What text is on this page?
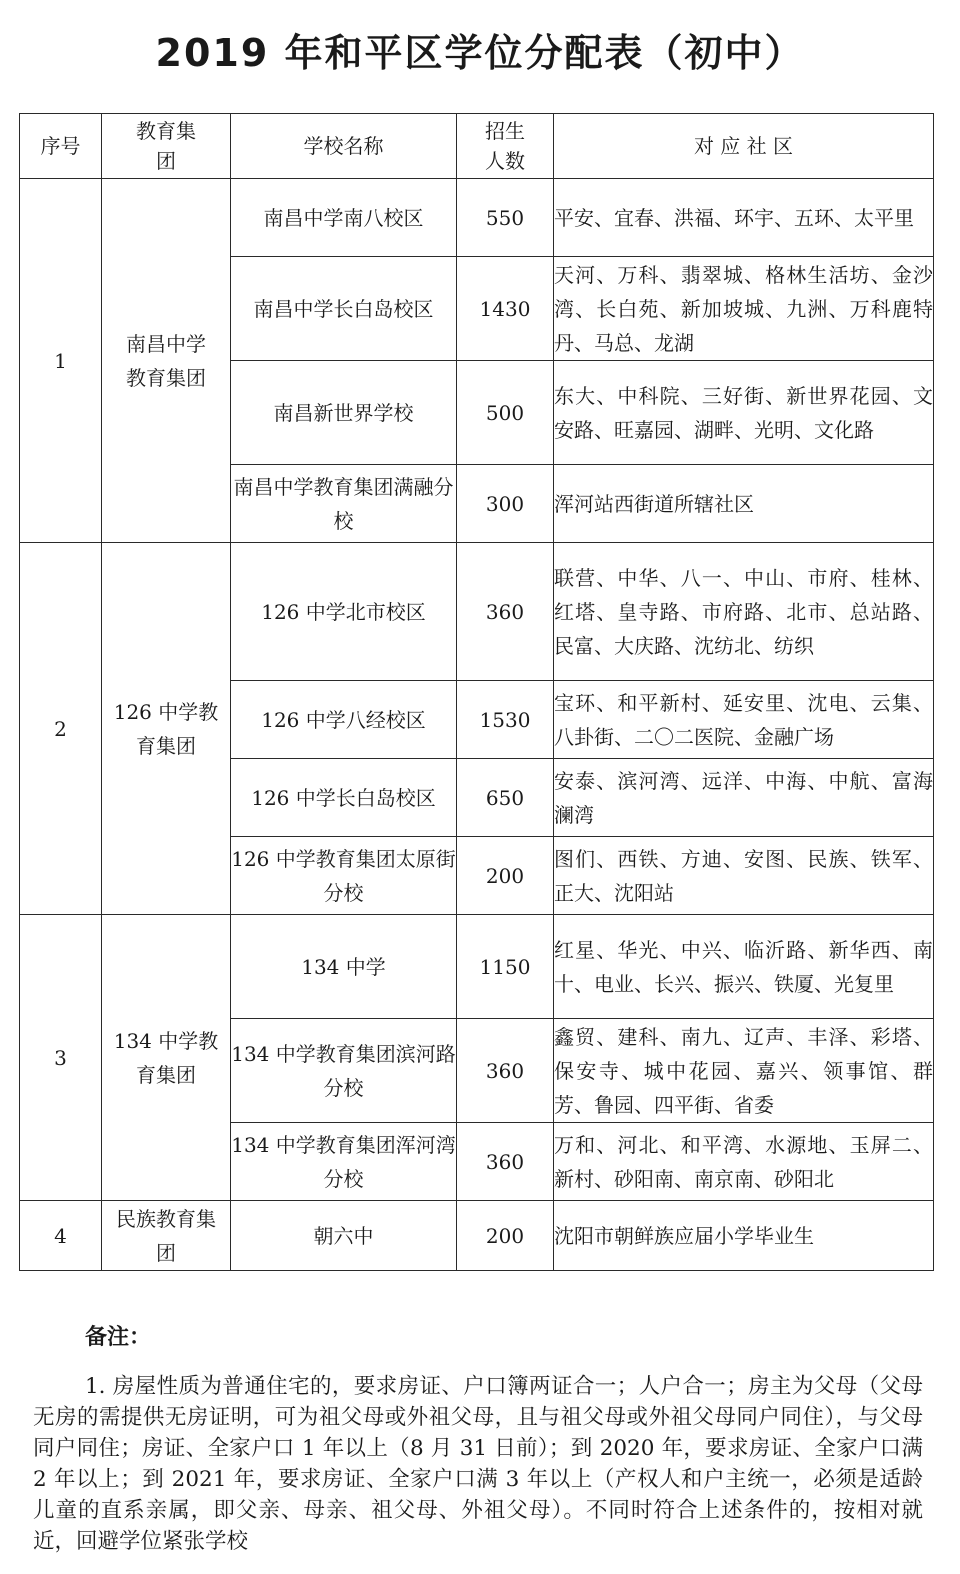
2019 年和平区学位分配表（初中）
序号	教育集团	学校名称	招生人数	对 应 社 区
1	南昌中学教育集团	南昌中学南八校区	550	平安、宜春、洪福、环宇、五环、太平里
		南昌中学长白岛校区	1430	天河、万科、翡翠城、格林生活坊、金沙湾、长白苑、新加坡城、九洲、万科鹿特丹、马总、龙湖
		南昌新世界学校	500	东大、中科院、三好街、新世界花园、文安路、旺嘉园、湖畔、光明、文化路
		南昌中学教育集团满融分校	300	浑河站西街道所辖社区
2	126 中学教育集团	126 中学北市校区	360	联营、中华、八一、中山、市府、桂林、红塔、皇寺路、市府路、北市、总站路、民富、大庆路、沈纺北、纺织
		126 中学八经校区	1530	宝环、和平新村、延安里、沈电、云集、八卦街、二〇二医院、金融广场
		126 中学长白岛校区	650	安泰、滨河湾、远洋、中海、中航、富海澜湾
		126 中学教育集团太原街分校	200	图们、西铁、方迪、安图、民族、铁军、正大、沈阳站
3	134 中学教育集团	134 中学	1150	红星、华光、中兴、临沂路、新华西、南十、电业、长兴、振兴、铁厦、光复里
		134 中学教育集团滨河路分校	360	鑫贸、建科、南九、辽声、丰泽、彩塔、保安寺、城中花园、嘉兴、领事馆、群芳、鲁园、四平街、省委
		134 中学教育集团浑河湾分校	360	万和、河北、和平湾、水源地、玉屏二、新村、砂阳南、南京南、砂阳北
4	民族教育集团	朝六中	200	沈阳市朝鲜族应届小学毕业生
备注：

1. 房屋性质为普通住宅的，要求房证、户口簿两证合一；人户合一；房主为父母（父母无房的需提供无房证明，可为祖父母或外祖父母，且与祖父母或外祖父母同户同住），与父母同户同住；房证、全家户口 1 年以上（8 月 31 日前）；到 2020 年，要求房证、全家户口满 2 年以上；到 2021 年，要求房证、全家户口满 3 年以上（产权人和户主统一，必须是适龄儿童的直系亲属，即父亲、母亲、祖父母、外祖父母）。不同时符合上述条件的，按相对就近，回避学位紧张学校
